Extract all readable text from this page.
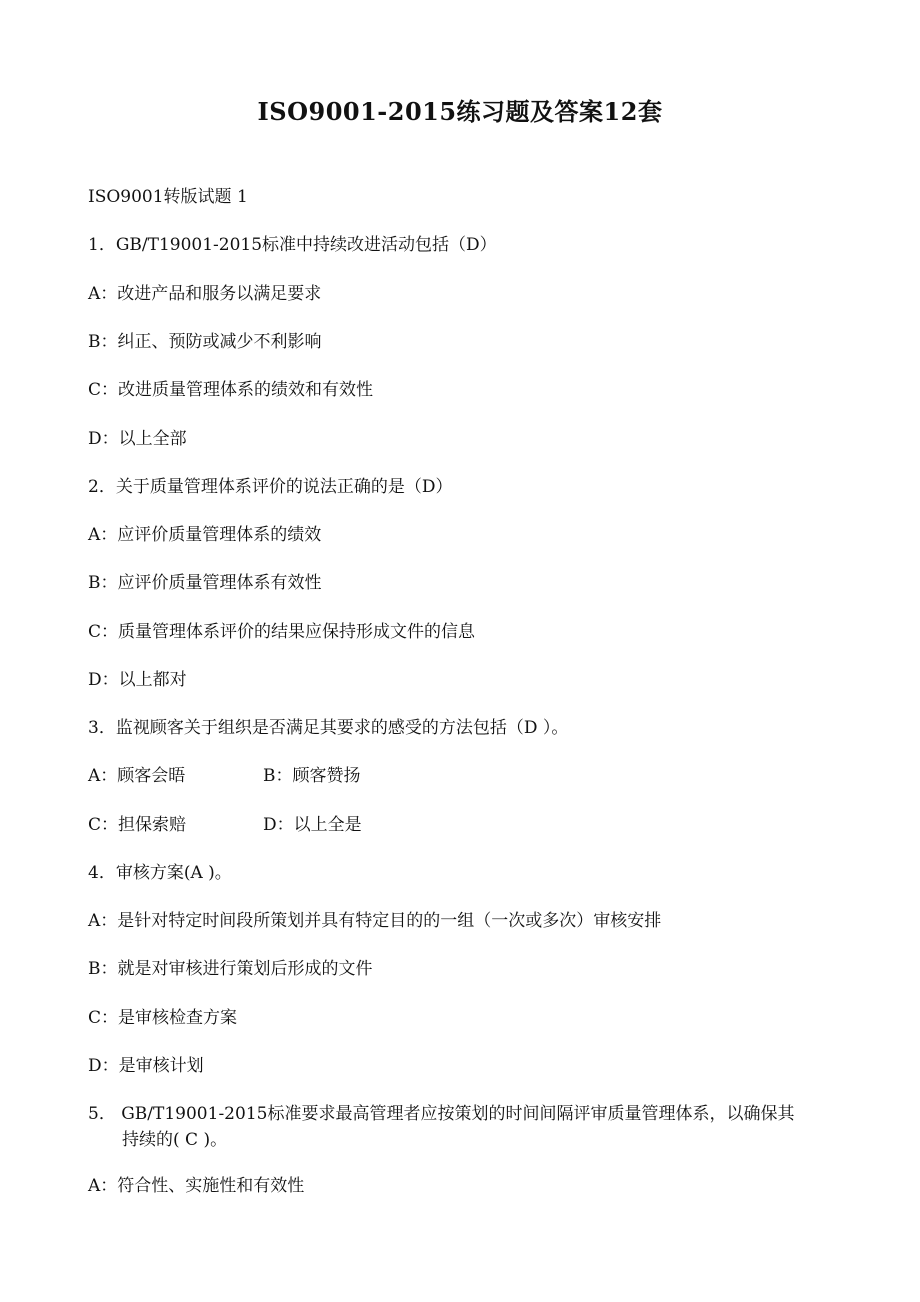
ISO9001-2015练习题及答案12套
ISO9001转版试题 1
1．GB/T19001-2015标准中持续改进活动包括（D）
A：改进产品和服务以满足要求
B：纠正、预防或减少不利影响
C：改进质量管理体系的绩效和有效性
D：以上全部
2．关于质量管理体系评价的说法正确的是（D）
A：应评价质量管理体系的绩效
B：应评价质量管理体系有效性
C：质量管理体系评价的结果应保持形成文件的信息
D：以上都对
3．监视顾客关于组织是否满足其要求的感受的方法包括（D ）。
A：顾客会晤	B：顾客赞扬
C：担保索赔	D：以上全是
4．审核方案(A )。
A：是针对特定时间段所策划并具有特定目的的一组（一次或多次）审核安排
B：就是对审核进行策划后形成的文件
C：是审核检查方案
D：是审核计划
5． GB/T19001-2015标准要求最高管理者应按策划的时间间隔评审质量管理体系，以确保其
持续的( C )。
A：符合性、实施性和有效性
